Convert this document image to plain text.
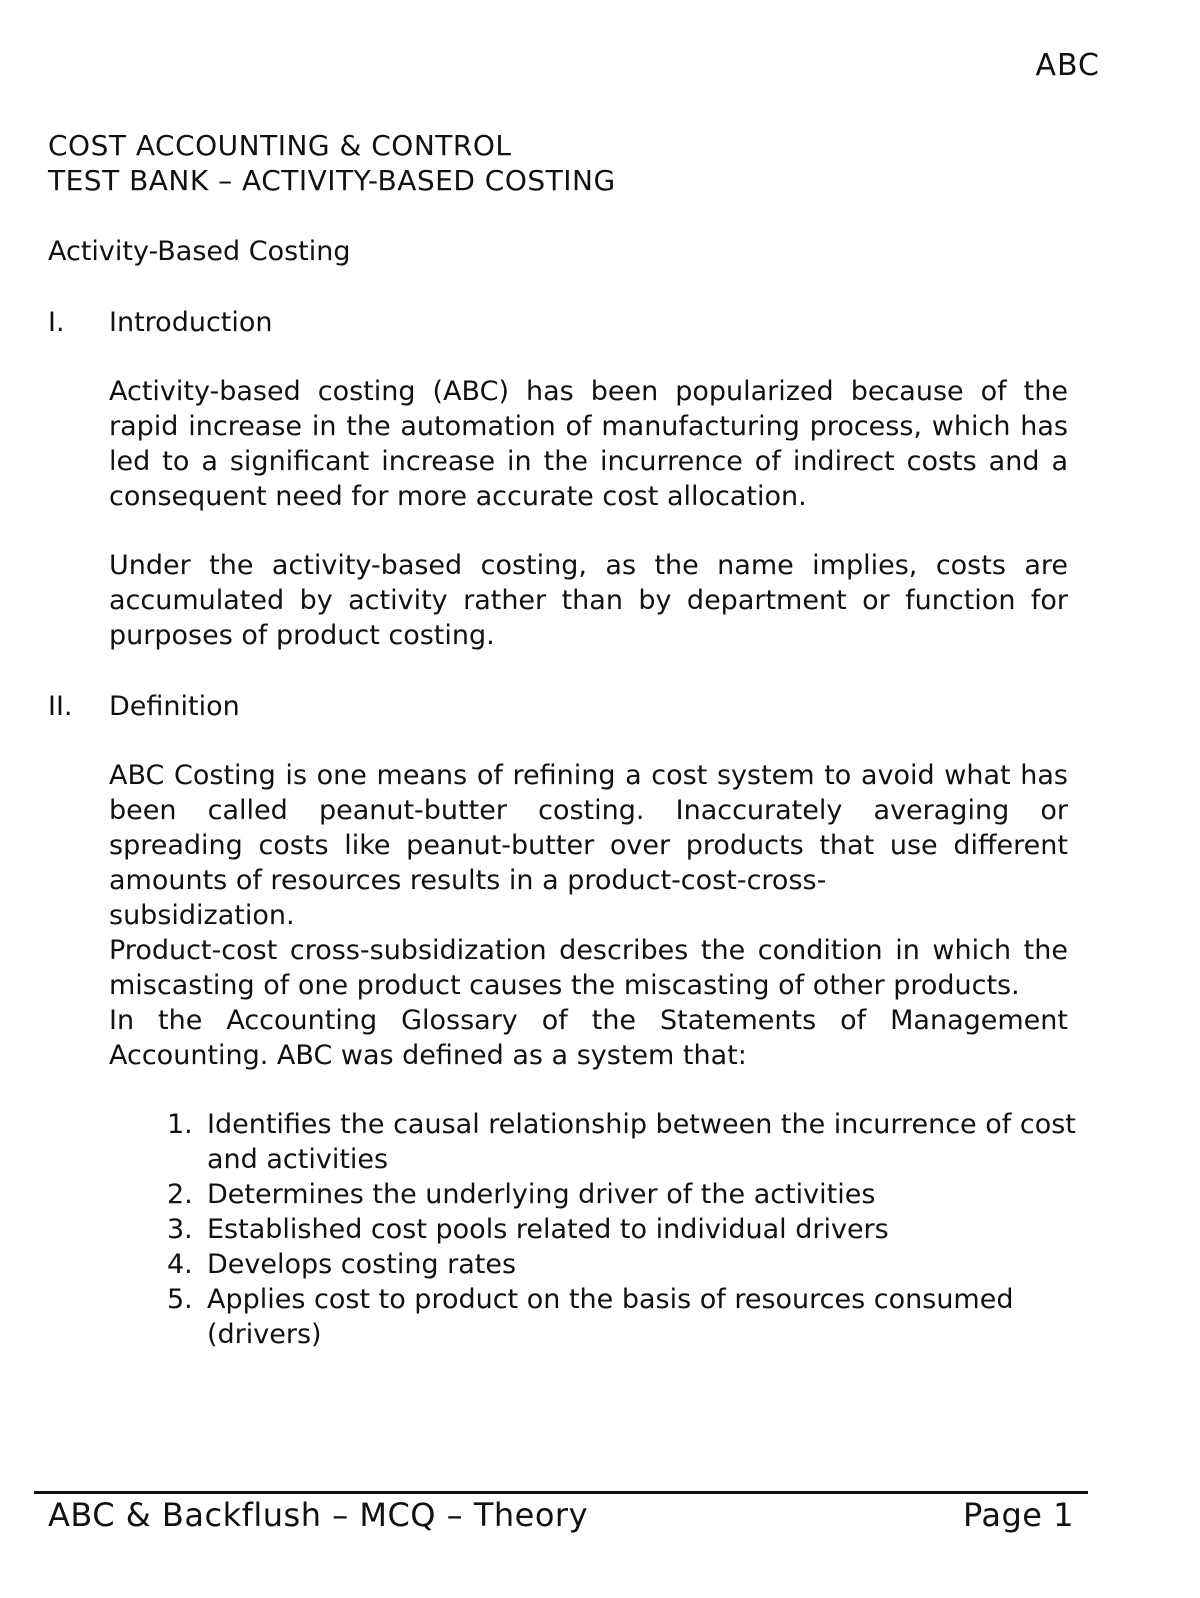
ABC
COST ACCOUNTING & CONTROL
TEST BANK – ACTIVITY-BASED COSTING
Activity-Based Costing
I.	Introduction
Activity-based costing (ABC) has been popularized because of the rapid increase in the automation of manufacturing process, which has led to a significant increase in the incurrence of indirect costs and a consequent need for more accurate cost allocation.
Under the activity-based costing, as the name implies, costs are accumulated by activity rather than by department or function for purposes of product costing.
II.	Definition
ABC Costing is one means of refining a cost system to avoid what has been called peanut-butter costing. Inaccurately averaging or spreading costs like peanut-butter over products that use different amounts of resources results in a product-cost-cross-
subsidization.
Product-cost cross-subsidization describes the condition in which the miscasting of one product causes the miscasting of other products.
In the Accounting Glossary of the Statements of Management Accounting. ABC was defined as a system that:
1. Identifies the causal relationship between the incurrence of cost and activities
2. Determines the underlying driver of the activities
3. Established cost pools related to individual drivers
4. Develops costing rates
5. Applies cost to product on the basis of resources consumed (drivers)
ABC & Backflush – MCQ – Theory	Page 1
